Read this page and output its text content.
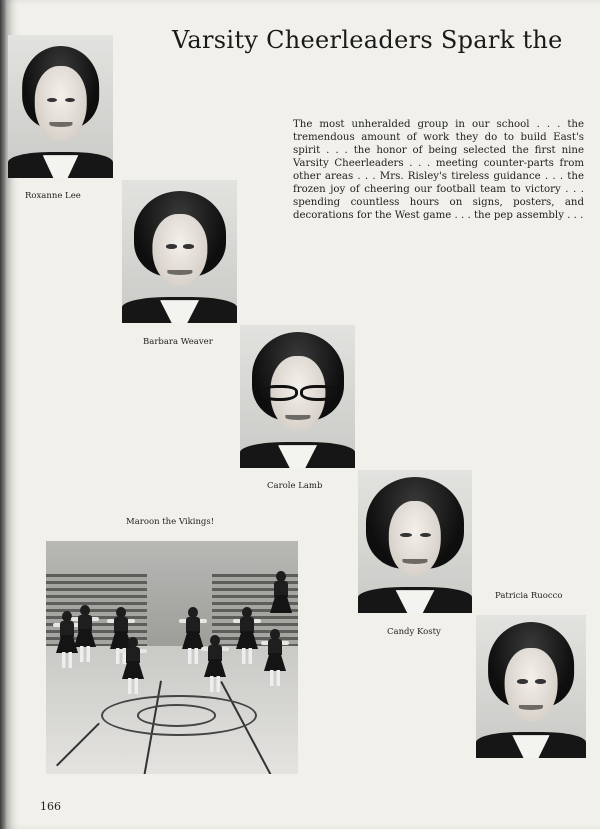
Varsity Cheerleaders Spark the
The most unheralded group in our school . . . the tremendous amount of work they do to build East's spirit . . . the honor of being selected the first nine Varsity Cheerleaders . . . meeting counter-parts from other areas . . . Mrs. Risley's tireless guidance . . . the frozen joy of cheering our football team to victory . . . spending countless hours on signs, posters, and decorations for the West game . . . the pep assembly . . .
Roxanne Lee
Barbara Weaver
Carole Lamb
Candy Kosty
Patricia Ruocco
Maroon the Vikings!
166
